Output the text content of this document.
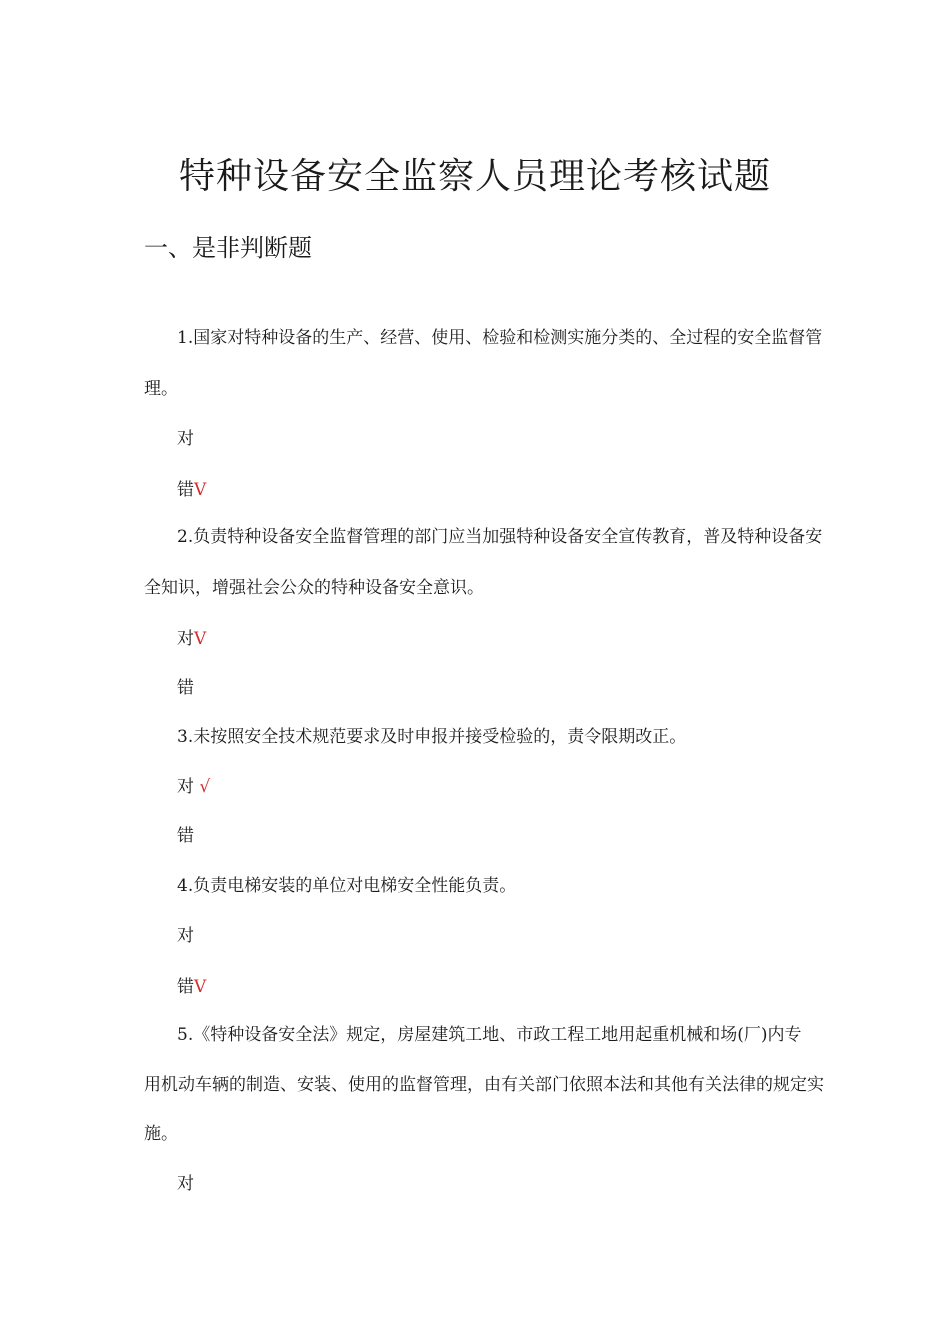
特种设备安全监察人员理论考核试题
一、是非判断题
1.国家对特种设备的生产、经营、使用、检验和检测实施分类的、全过程的安全监督管
理。
对
错V
2.负责特种设备安全监督管理的部门应当加强特种设备安全宣传教育，普及特种设备安
全知识，增强社会公众的特种设备安全意识。
对V
错
3.未按照安全技术规范要求及时申报并接受检验的，责令限期改正。
对 √
错
4.负责电梯安装的单位对电梯安全性能负责。
对
错V
5.《特种设备安全法》规定，房屋建筑工地、市政工程工地用起重机械和场(厂)内专
用机动车辆的制造、安装、使用的监督管理，由有关部门依照本法和其他有关法律的规定实
施。
对
